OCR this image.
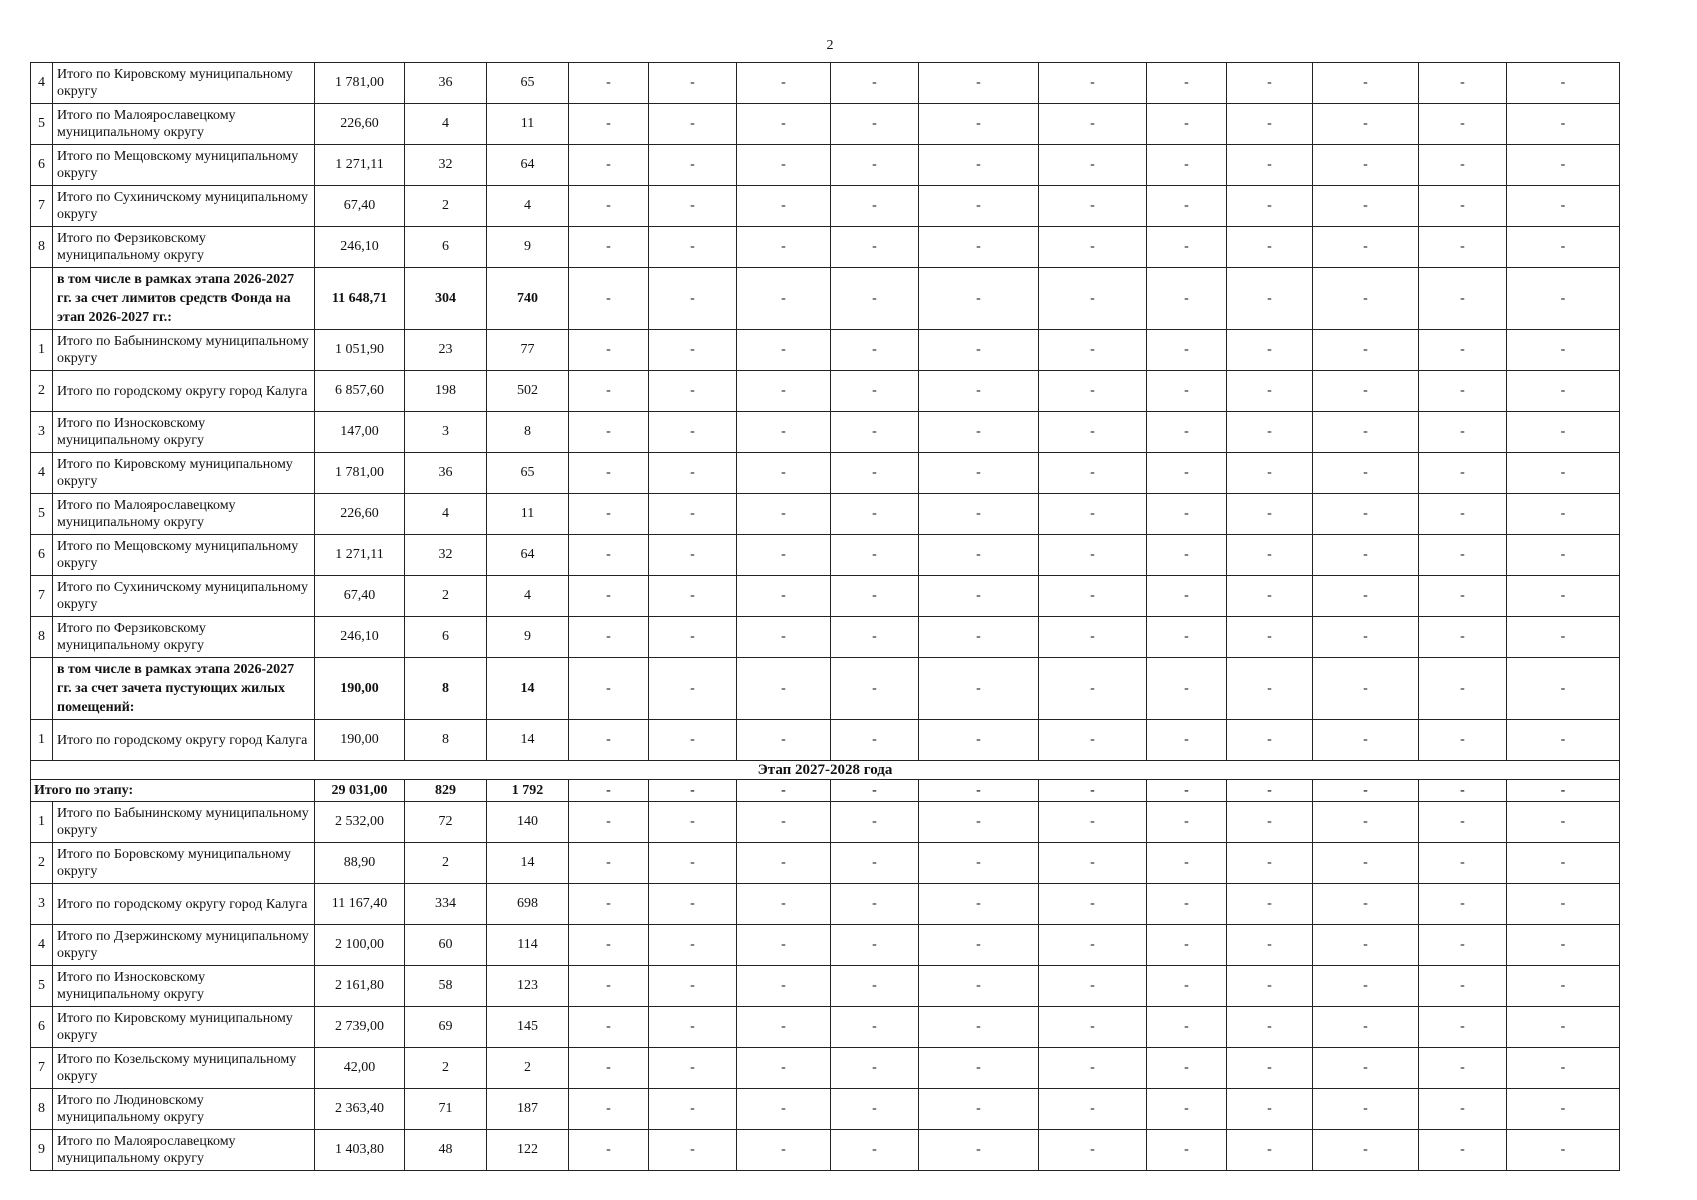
2
4	Итого по Кировскому муниципальному округу	1 781,00	36	65	-	-	-	-	-	-	-	-	-	-	-
5	Итого по Малоярославецкому муниципальному округу	226,60	4	11	-	-	-	-	-	-	-	-	-	-	-
6	Итого по Мещовскому муниципальному округу	1 271,11	32	64	-	-	-	-	-	-	-	-	-	-	-
7	Итого по Сухиничскому муниципальному округу	67,40	2	4	-	-	-	-	-	-	-	-	-	-	-
8	Итого по Ферзиковскому муниципальному округу	246,10	6	9	-	-	-	-	-	-	-	-	-	-	-
	в том числе в рамках этапа 2026-2027 гг. за счет лимитов средств Фонда на этап 2026-2027 гг.:	11 648,71	304	740	-	-	-	-	-	-	-	-	-	-	-
1	Итого по Бабынинскому муниципальному округу	1 051,90	23	77	-	-	-	-	-	-	-	-	-	-	-
2	Итого по городскому округу город Калуга	6 857,60	198	502	-	-	-	-	-	-	-	-	-	-	-
3	Итого по Износковскому муниципальному округу	147,00	3	8	-	-	-	-	-	-	-	-	-	-	-
4	Итого по Кировскому муниципальному округу	1 781,00	36	65	-	-	-	-	-	-	-	-	-	-	-
5	Итого по Малоярославецкому муниципальному округу	226,60	4	11	-	-	-	-	-	-	-	-	-	-	-
6	Итого по Мещовскому муниципальному округу	1 271,11	32	64	-	-	-	-	-	-	-	-	-	-	-
7	Итого по Сухиничскому муниципальному округу	67,40	2	4	-	-	-	-	-	-	-	-	-	-	-
8	Итого по Ферзиковскому муниципальному округу	246,10	6	9	-	-	-	-	-	-	-	-	-	-	-
	в том числе в рамках этапа 2026-2027 гг. за счет зачета пустующих жилых помещений:	190,00	8	14	-	-	-	-	-	-	-	-	-	-	-
1	Итого по городскому округу город Калуга	190,00	8	14	-	-	-	-	-	-	-	-	-	-	-
Этап 2027-2028 года															
Итого по этапу:		29 031,00	829	1 792	-	-	-	-	-	-	-	-	-	-	-
1	Итого по Бабынинскому муниципальному округу	2 532,00	72	140	-	-	-	-	-	-	-	-	-	-	-
2	Итого по Боровскому муниципальному округу	88,90	2	14	-	-	-	-	-	-	-	-	-	-	-
3	Итого по городскому округу город Калуга	11 167,40	334	698	-	-	-	-	-	-	-	-	-	-	-
4	Итого по Дзержинскому муниципальному округу	2 100,00	60	114	-	-	-	-	-	-	-	-	-	-	-
5	Итого по Износковскому муниципальному округу	2 161,80	58	123	-	-	-	-	-	-	-	-	-	-	-
6	Итого по Кировскому муниципальному округу	2 739,00	69	145	-	-	-	-	-	-	-	-	-	-	-
7	Итого по Козельскому муниципальному округу	42,00	2	2	-	-	-	-	-	-	-	-	-	-	-
8	Итого по Людиновскому муниципальному округу	2 363,40	71	187	-	-	-	-	-	-	-	-	-	-	-
9	Итого по Малоярославецкому муниципальному округу	1 403,80	48	122	-	-	-	-	-	-	-	-	-	-	-
